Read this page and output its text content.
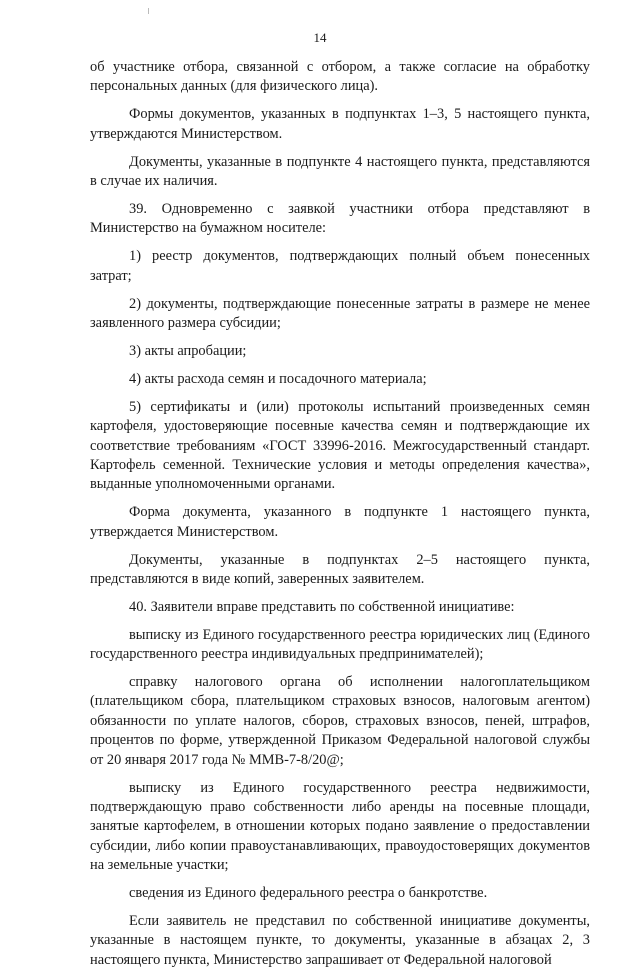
14

об участнике отбора, связанной с отбором, а также согласие на обработку персональных данных (для физического лица).

Формы документов, указанных в подпунктах 1–3, 5 настоящего пункта, утверждаются Министерством.

Документы, указанные в подпункте 4 настоящего пункта, представляются в случае их наличия.

39. Одновременно с заявкой участники отбора представляют в Министерство на бумажном носителе:

1) реестр документов, подтверждающих полный объем понесенных затрат;

2) документы, подтверждающие понесенные затраты в размере не менее заявленного размера субсидии;

3) акты апробации;

4) акты расхода семян и посадочного материала;

5) сертификаты и (или) протоколы испытаний произведенных семян картофеля, удостоверяющие посевные качества семян и подтверждающие их соответствие требованиям «ГОСТ 33996-2016. Межгосударственный стандарт. Картофель семенной. Технические условия и методы определения качества», выданные уполномоченными органами.

Форма документа, указанного в подпункте 1 настоящего пункта, утверждается Министерством.

Документы, указанные в подпунктах 2–5 настоящего пункта, представляются в виде копий, заверенных заявителем.

40. Заявители вправе представить по собственной инициативе:

выписку из Единого государственного реестра юридических лиц (Единого государственного реестра индивидуальных предпринимателей);

справку налогового органа об исполнении налогоплательщиком (плательщиком сбора, плательщиком страховых взносов, налоговым агентом) обязанности по уплате налогов, сборов, страховых взносов, пеней, штрафов, процентов по форме, утвержденной Приказом Федеральной налоговой службы от 20 января 2017 года № ММВ-7-8/20@;

выписку из Единого государственного реестра недвижимости, подтверждающую право собственности либо аренды на посевные площади, занятые картофелем, в отношении которых подано заявление о предоставлении субсидии, либо копии правоустанавливающих, правоудостоверящих документов на земельные участки;

сведения из Единого федерального реестра о банкротстве.

Если заявитель не представил по собственной инициативе документы, указанные в настоящем пункте, то документы, указанные в абзацах 2, 3 настоящего пункта, Министерство запрашивает от Федеральной налоговой
